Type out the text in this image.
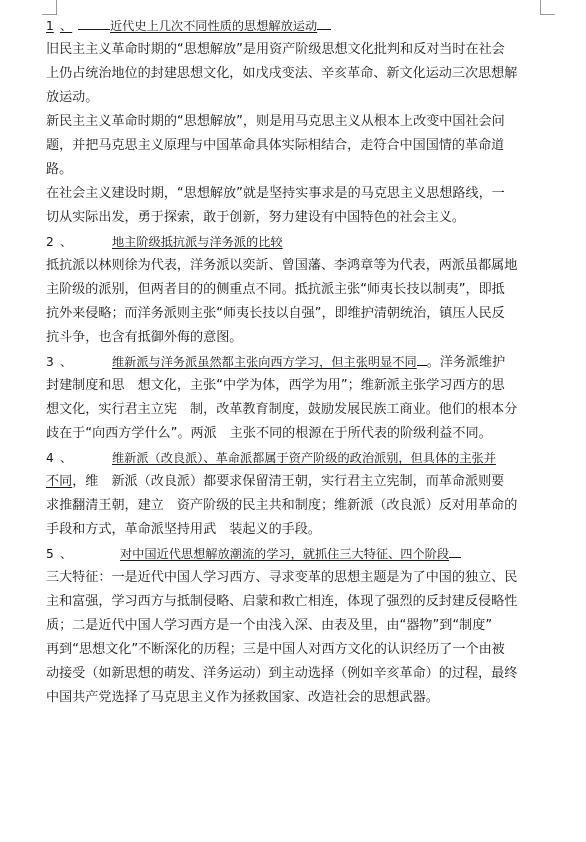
1 、	近代史上几次不同性质的思想解放运动
旧民主主义革命时期的“思想解放”是用资产阶级思想文化批判和反对当时在社会
上仍占统治地位的封建思想文化，如戊戌变法、辛亥革命、新文化运动三次思想解
放运动。
新民主主义革命时期的“思想解放”，则是用马克思主义从根本上改变中国社会问
题，并把马克思主义原理与中国革命具体实际相结合，走符合中国国情的革命道
路。
在社会主义建设时期，“思想解放”就是坚持实事求是的马克思主义思想路线，一
切从实际出发，勇于探索，敢于创新，努力建设有中国特色的社会主义。
2 、	地主阶级抵抗派与洋务派的比较
抵抗派以林则徐为代表，洋务派以奕訢、曾国藩、李鸿章等为代表，两派虽都属地
主阶级的派别，但两者目的的侧重点不同。抵抗派主张“师夷长技以制夷”，即抵
抗外来侵略；而洋务派则主张“师夷长技以自强”，即维护清朝统治，镇压人民反
抗斗争，也含有抵御外侮的意图。
3 、	维新派与洋务派虽然都主张向西方学习，但主张明显不同 。洋务派维护
封建制度和思　想文化，主张“中学为体，西学为用”；维新派主张学习西方的思
想文化，实行君主立宪　制，改革教育制度，鼓励发展民族工商业。他们的根本分
歧在于“向西方学什么”。两派　主张不同的根源在于所代表的阶级利益不同。
4 、	维新派（改良派）、革命派都属于资产阶级的政治派别，但具体的主张并
不同，维　新派（改良派）都要求保留清王朝，实行君主立宪制，而革命派则要
求推翻清王朝，建立　资产阶级的民主共和制度；维新派（改良派）反对用革命的
手段和方式，革命派坚持用武　装起义的手段。
5 、	对中国近代思想解放潮流的学习，就抓住三大特征、四个阶段
三大特征：一是近代中国人学习西方、寻求变革的思想主题是为了中国的独立、民
主和富强，学习西方与抵制侵略、启蒙和救亡相连，体现了强烈的反封建反侵略性
质；二是近代中国人学习西方是一个由浅入深、由表及里，由“器物”到“制度”
再到“思想文化”不断深化的历程；三是中国人对西方文化的认识经历了一个由被
动接受（如新思想的萌发、洋务运动）到主动选择（例如辛亥革命）的过程，最终
中国共产党选择了马克思主义作为拯救国家、改造社会的思想武器。
